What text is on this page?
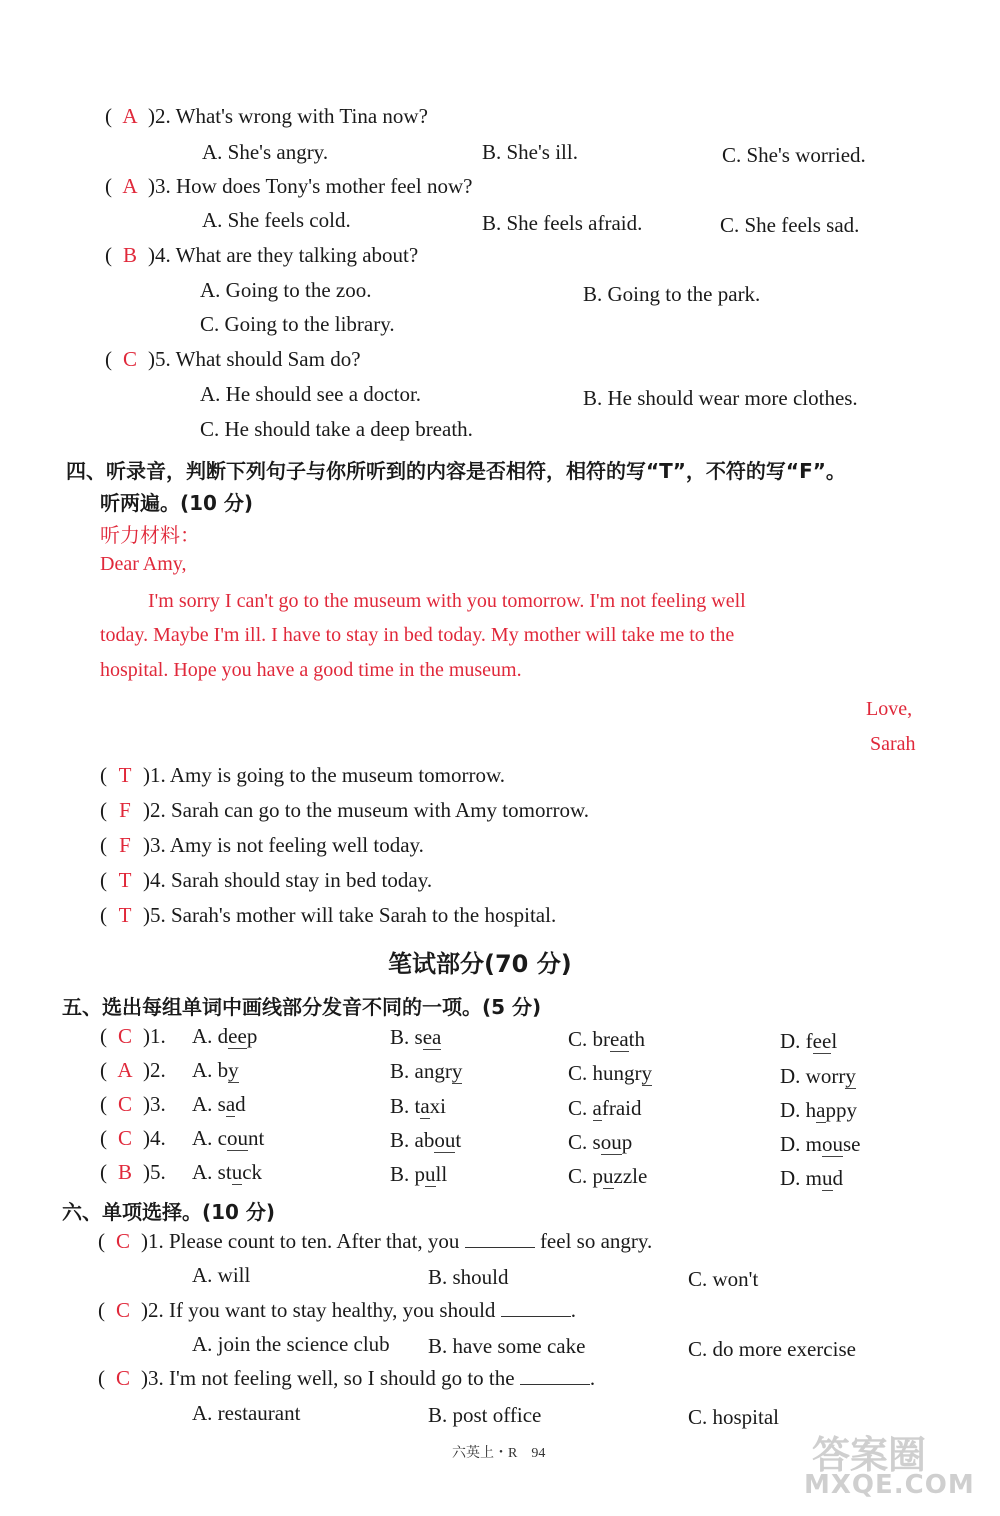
( A )2. What's wrong with Tina now?
A. She's angry.	B. She's ill.	C. She's worried.
( A )3. How does Tony's mother feel now?
A. She feels cold.	B. She feels afraid.	C. She feels sad.
( B )4. What are they talking about?
A. Going to the zoo.	B. Going to the park.
C. Going to the library.
( C )5. What should Sam do?
A. He should see a doctor.	B. He should wear more clothes.
C. He should take a deep breath.
四、听录音，判断下列句子与你所听到的内容是否相符，相符的写“T”，不符的写“F”。
听两遍。(10 分)
听力材料：
Dear Amy,
I'm sorry I can't go to the museum with you tomorrow. I'm not feeling well
today. Maybe I'm ill. I have to stay in bed today. My mother will take me to the
hospital. Hope you have a good time in the museum.
Love,
Sarah
( T )1. Amy is going to the museum tomorrow.
( F )2. Sarah can go to the museum with Amy tomorrow.
( F )3. Amy is not feeling well today.
( T )4. Sarah should stay in bed today.
( T )5. Sarah's mother will take Sarah to the hospital.
笔试部分(70 分)
五、选出每组单词中画线部分发音不同的一项。(5 分)
( C )1. A. deep	B. sea	C. breath	D. feel
( A )2. A. by	B. angry	C. hungry	D. worry
( C )3. A. sad	B. taxi	C. afraid	D. happy
( C )4. A. count	B. about	C. soup	D. mouse
( B )5. A. stuck	B. pull	C. puzzle	D. mud
六、单项选择。(10 分)
( C )1. Please count to ten. After that, you	feel so angry.
A. will	B. should	C. won't
( C )2. If you want to stay healthy, you should	.
A. join the science club B. have some cake	C. do more exercise
( C )3. I'm not feeling well, so I should go to the	.
A. restaurant	B. post office	C. hospital
六英上・R　94	答案圈
MXQE.COM
